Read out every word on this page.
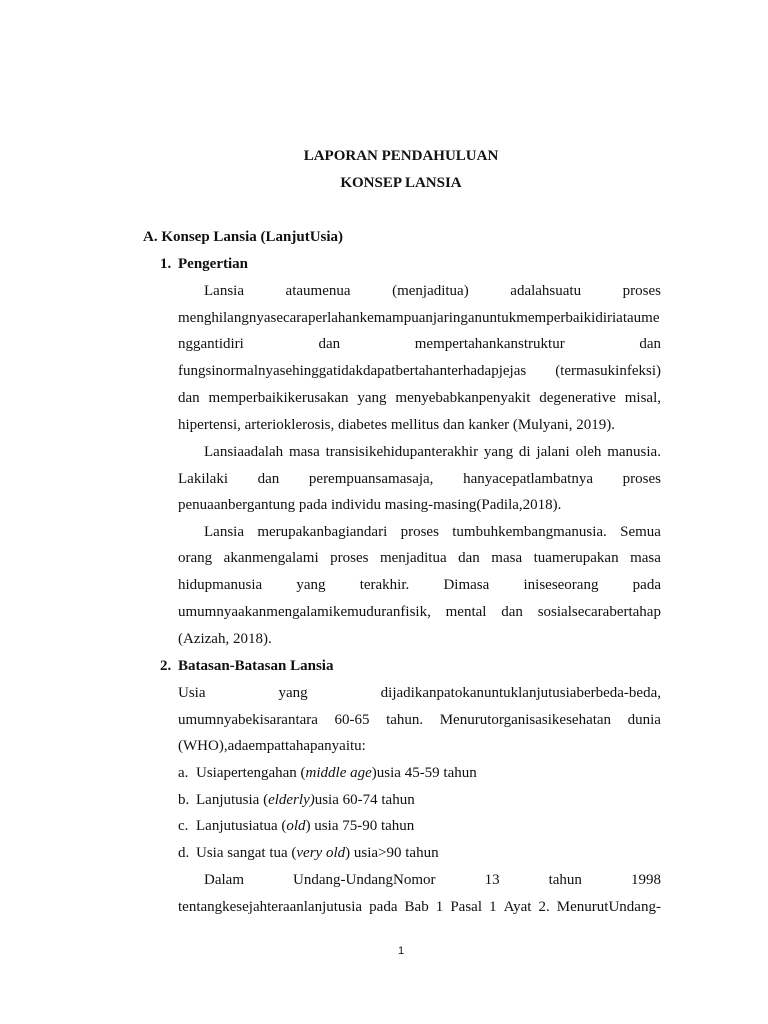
LAPORAN PENDAHULUAN
KONSEP LANSIA
A. Konsep Lansia (LanjutUsia)
1. Pengertian
Lansia	ataumenua	(menjaditua)	adalahsuatu	proses
menghilangnyasecaraperlahankemampuanjaringanuntukmemperbaikidiriataume
nggantidiri	dan	mempertahankanstruktur	dan
fungsinormalnyasehinggatidakdapatbertahanterhadapjejas (termasukinfeksi)
dan memperbaikikerusakan yang menyebabkanpenyakit degenerative misal,
hipertensi, arterioklerosis, diabetes mellitus dan kanker (Mulyani, 2019).
Lansiaadalah masa transisikehidupanterakhir yang di jalani oleh manusia.
Lakilaki dan perempuansamasaja, hanyacepatlambatnya proses
penuaanbergantung pada individu masing-masing(Padila,2018).
Lansia merupakanbagiandari proses tumbuhkembangmanusia. Semua
orang akanmengalami proses menjaditua dan masa tuamerupakan masa
hidupmanusia yang terakhir. Dimasa iniseseorang pada
umumnyaakanmengalamikemuduranfisik, mental dan sosialsecarabertahap
(Azizah, 2018).
2. Batasan-Batasan Lansia
Usia	yang	dijadikanpatokanuntuklanjutusiaberbeda-beda,
umumnyabekisarantara 60-65 tahun. Menurutorganisasikesehatan dunia
(WHO),adaempattahapanyaitu:
a. Usiapertengahan (middle age)usia 45-59 tahun
b. Lanjutusia (elderly)usia 60-74 tahun
c. Lanjutusiatua (old) usia 75-90 tahun
d. Usia sangat tua (very old) usia>90 tahun
Dalam	Undang-UndangNomor	13	tahun	1998
tentangkesejahteraanlanjutusia pada Bab 1 Pasal 1 Ayat 2. MenurutUndang-
1
